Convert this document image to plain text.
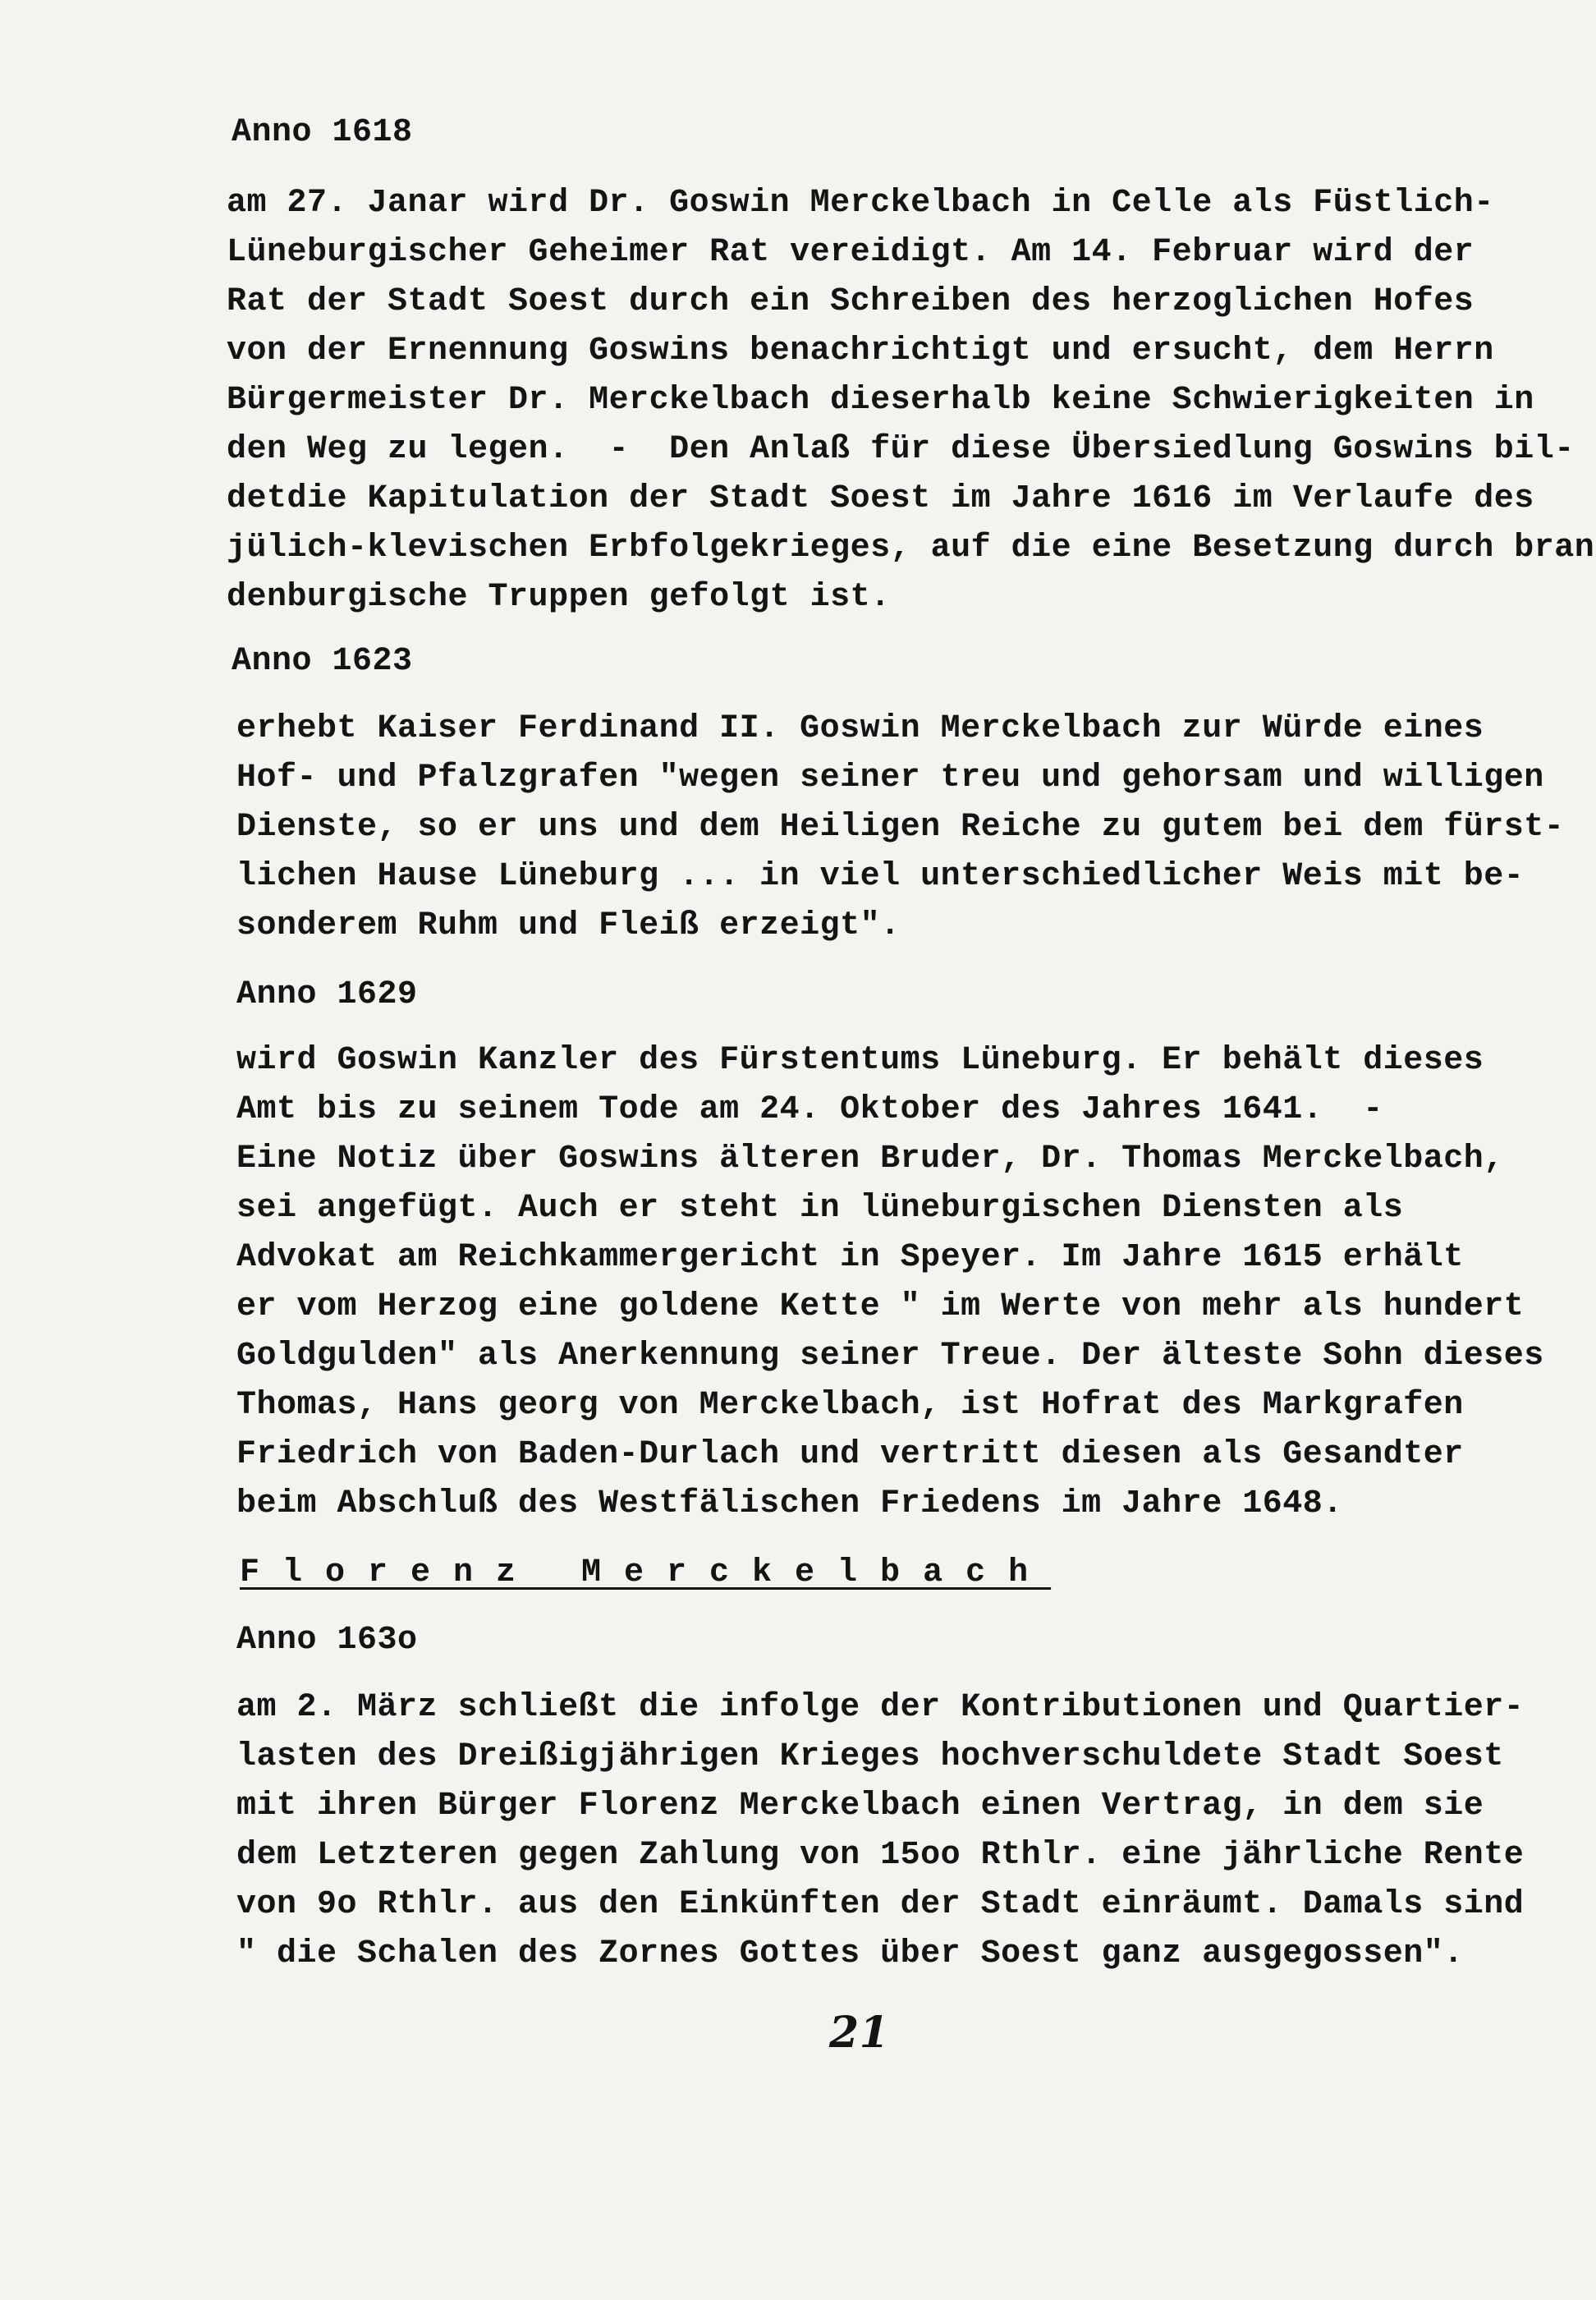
Anno 1618
am 27. Janar wird Dr. Goswin Merckelbach in Celle als Füstlich-
Lüneburgischer Geheimer Rat vereidigt. Am 14. Februar wird der
Rat der Stadt Soest durch ein Schreiben des herzoglichen Hofes
von der Ernennung Goswins benachrichtigt und ersucht, dem Herrn
Bürgermeister Dr. Merckelbach dieserhalb keine Schwierigkeiten in
den Weg zu legen.  -  Den Anlaß für diese Übersiedlung Goswins bil-
detdie Kapitulation der Stadt Soest im Jahre 1616 im Verlaufe des
jülich-klevischen Erbfolgekrieges, auf die eine Besetzung durch bran
denburgische Truppen gefolgt ist.
Anno 1623
erhebt Kaiser Ferdinand II. Goswin Merckelbach zur Würde eines
Hof- und Pfalzgrafen "wegen seiner treu und gehorsam und willigen
Dienste, so er uns und dem Heiligen Reiche zu gutem bei dem fürst-
lichen Hause Lüneburg ... in viel unterschiedlicher Weis mit be-
sonderem Ruhm und Fleiß erzeigt".
Anno 1629
wird Goswin Kanzler des Fürstentums Lüneburg. Er behält dieses
Amt bis zu seinem Tode am 24. Oktober des Jahres 1641.  -
Eine Notiz über Goswins älteren Bruder, Dr. Thomas Merckelbach,
sei angefügt. Auch er steht in lüneburgischen Diensten als
Advokat am Reichkammergericht in Speyer. Im Jahre 1615 erhält
er vom Herzog eine goldene Kette " im Werte von mehr als hundert
Goldgulden" als Anerkennung seiner Treue. Der älteste Sohn dieses
Thomas, Hans georg von Merckelbach, ist Hofrat des Markgrafen
Friedrich von Baden-Durlach und vertritt diesen als Gesandter
beim Abschluß des Westfälischen Friedens im Jahre 1648.
Florenz Merckelbach
Anno 163o
am 2. März schließt die infolge der Kontributionen und Quartier-
lasten des Dreißigjährigen Krieges hochverschuldete Stadt Soest
mit ihren Bürger Florenz Merckelbach einen Vertrag, in dem sie
dem Letzteren gegen Zahlung von 15oo Rthlr. eine jährliche Rente
von 9o Rthlr. aus den Einkünften der Stadt einräumt. Damals sind
" die Schalen des Zornes Gottes über Soest ganz ausgegossen".
21
